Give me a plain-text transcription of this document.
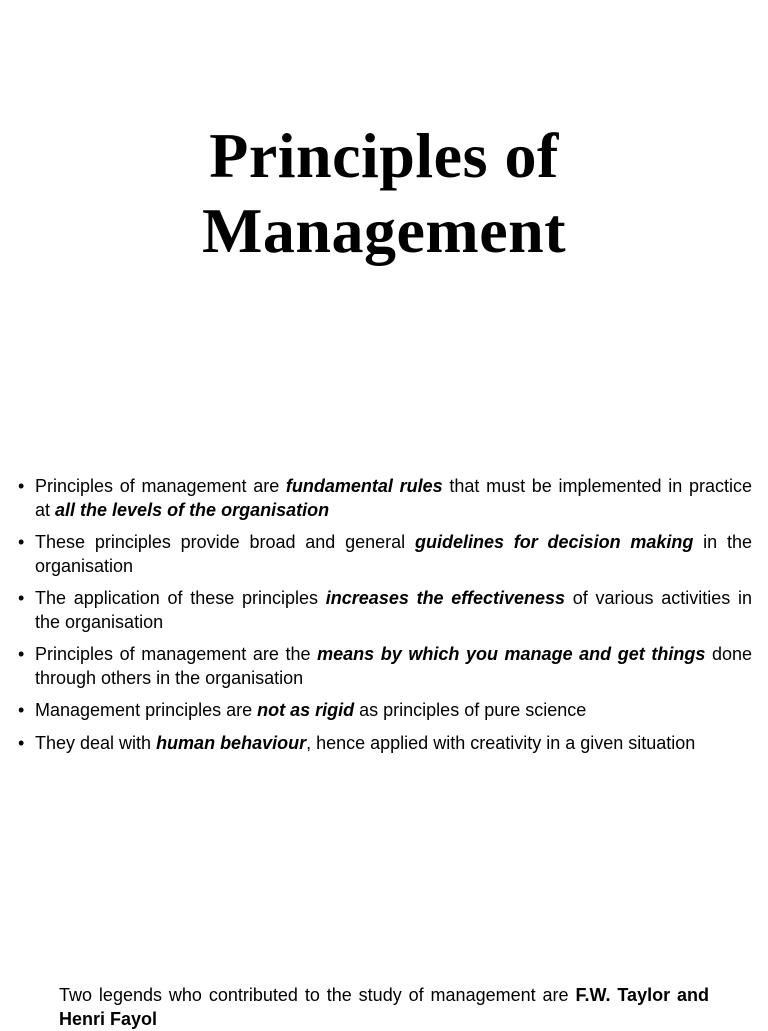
Principles of
Management
• Principles of management are fundamental rules that must be implemented in practice at all the levels of the organisation
• These principles provide broad and general guidelines for decision making in the organisation
• The application of these principles increases the effectiveness of various activities in the organisation
• Principles of management are the means by which you manage and get things done through others in the organisation
• Management principles are not as rigid as principles of pure science
• They deal with human behaviour, hence applied with creativity in a given situation
Two legends who contributed to the study of management are F.W. Taylor and Henri Fayol
